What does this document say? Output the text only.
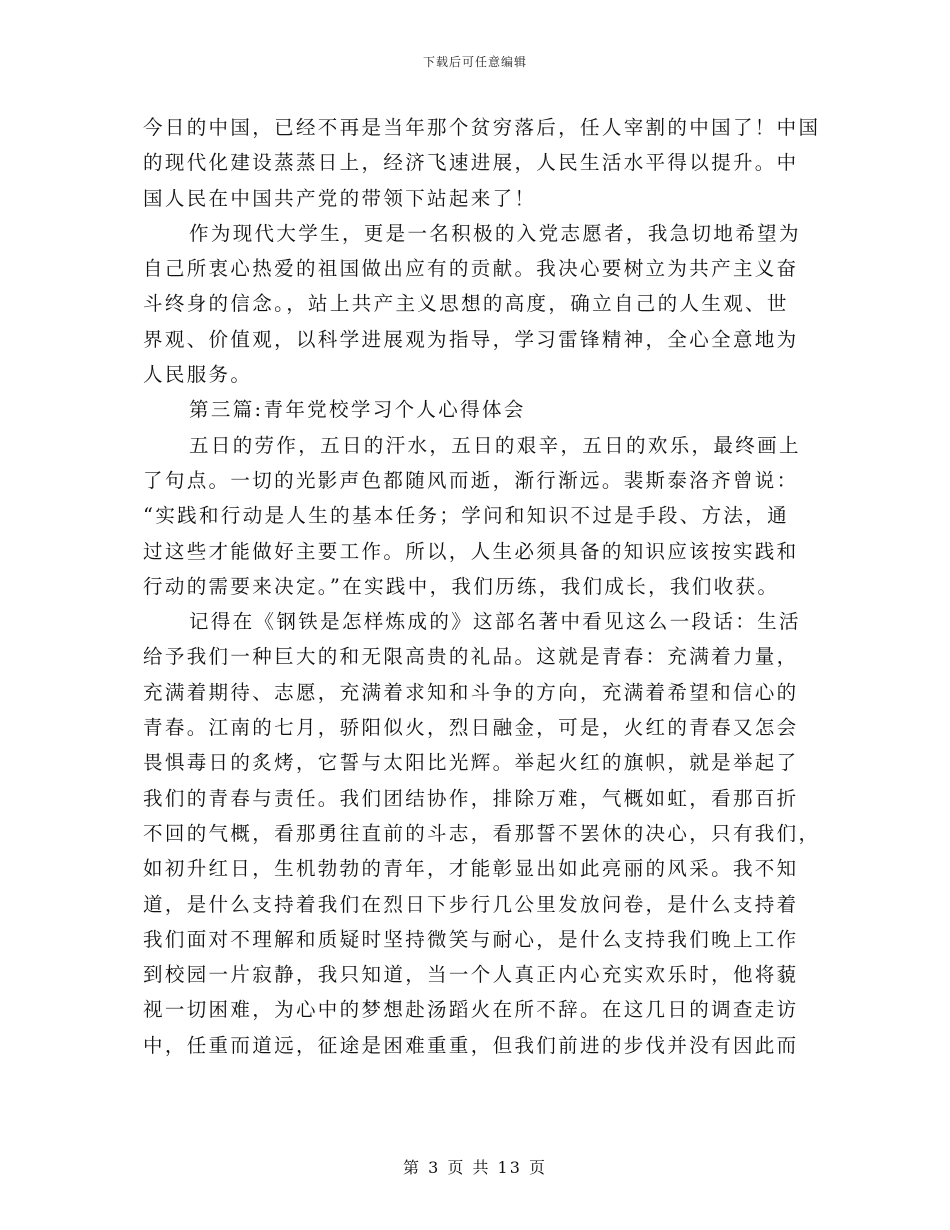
下载后可任意编辑
今日的中国，已经不再是当年那个贫穷落后，任人宰割的中国了！中国
的现代化建设蒸蒸日上，经济飞速进展，人民生活水平得以提升。中
国人民在中国共产党的带领下站起来了！
作为现代大学生，更是一名积极的入党志愿者，我急切地希望为
自己所衷心热爱的祖国做出应有的贡献。我决心要树立为共产主义奋
斗终身的信念。，站上共产主义思想的高度，确立自己的人生观、世
界观、价值观，以科学进展观为指导，学习雷锋精神，全心全意地为
人民服务。
第三篇:青年党校学习个人心得体会
五日的劳作，五日的汗水，五日的艰辛，五日的欢乐，最终画上
了句点。一切的光影声色都随风而逝，渐行渐远。裴斯泰洛齐曾说：
“实践和行动是人生的基本任务；学问和知识不过是手段、方法，通
过这些才能做好主要工作。所以，人生必须具备的知识应该按实践和
行动的需要来决定。”在实践中，我们历练，我们成长，我们收获。
记得在《钢铁是怎样炼成的》这部名著中看见这么一段话：生活
给予我们一种巨大的和无限高贵的礼品。这就是青春：充满着力量，
充满着期待、志愿，充满着求知和斗争的方向，充满着希望和信心的
青春。江南的七月，骄阳似火，烈日融金，可是，火红的青春又怎会
畏惧毒日的炙烤，它誓与太阳比光辉。举起火红的旗帜，就是举起了
我们的青春与责任。我们团结协作，排除万难，气概如虹，看那百折
不回的气概，看那勇往直前的斗志，看那誓不罢休的决心，只有我们，
如初升红日，生机勃勃的青年，才能彰显出如此亮丽的风采。我不知
道，是什么支持着我们在烈日下步行几公里发放问卷，是什么支持着
我们面对不理解和质疑时坚持微笑与耐心，是什么支持我们晚上工作
到校园一片寂静，我只知道，当一个人真正内心充实欢乐时，他将藐
视一切困难，为心中的梦想赴汤蹈火在所不辞。在这几日的调查走访
中，任重而道远，征途是困难重重，但我们前进的步伐并没有因此而
第 3 页 共 13 页
